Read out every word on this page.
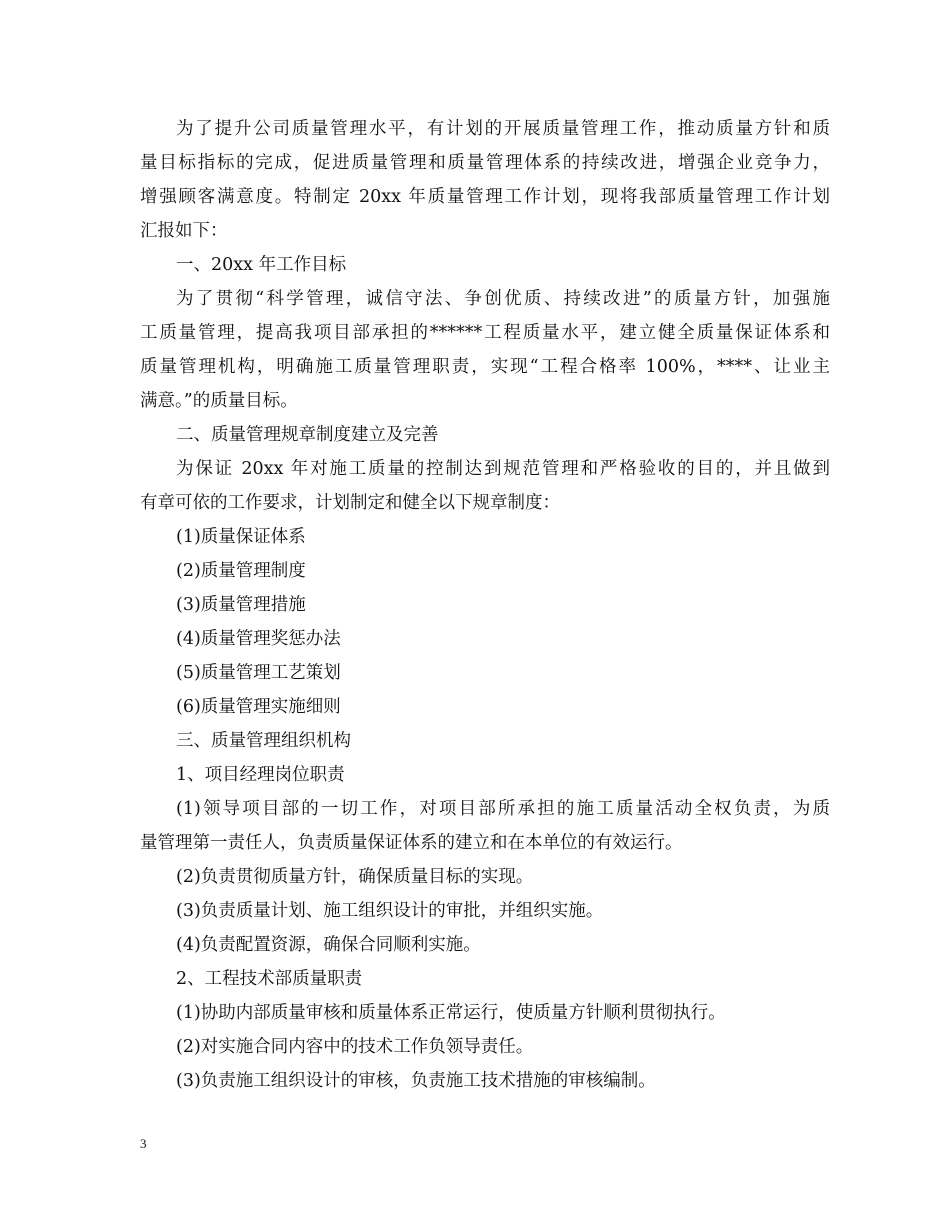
为了提升公司质量管理水平，有计划的开展质量管理工作，推动质量方针和质
量目标指标的完成，促进质量管理和质量管理体系的持续改进，增强企业竞争力，
增强顾客满意度。特制定 20xx 年质量管理工作计划，现将我部质量管理工作计划
汇报如下：
一、20xx 年工作目标
为了贯彻“科学管理，诚信守法、争创优质、持续改进”的质量方针，加强施
工质量管理，提高我项目部承担的******工程质量水平，建立健全质量保证体系和
质量管理机构，明确施工质量管理职责，实现“工程合格率 100%，****、让业主
满意。”的质量目标。
二、质量管理规章制度建立及完善
为保证 20xx 年对施工质量的控制达到规范管理和严格验收的目的，并且做到
有章可依的工作要求，计划制定和健全以下规章制度：
(1)质量保证体系
(2)质量管理制度
(3)质量管理措施
(4)质量管理奖惩办法
(5)质量管理工艺策划
(6)质量管理实施细则
三、质量管理组织机构
1、项目经理岗位职责
(1)领导项目部的一切工作，对项目部所承担的施工质量活动全权负责，为质
量管理第一责任人，负责质量保证体系的建立和在本单位的有效运行。
(2)负责贯彻质量方针，确保质量目标的实现。
(3)负责质量计划、施工组织设计的审批，并组织实施。
(4)负责配置资源，确保合同顺利实施。
2、工程技术部质量职责
(1)协助内部质量审核和质量体系正常运行，使质量方针顺利贯彻执行。
(2)对实施合同内容中的技术工作负领导责任。
(3)负责施工组织设计的审核，负责施工技术措施的审核编制。
3
